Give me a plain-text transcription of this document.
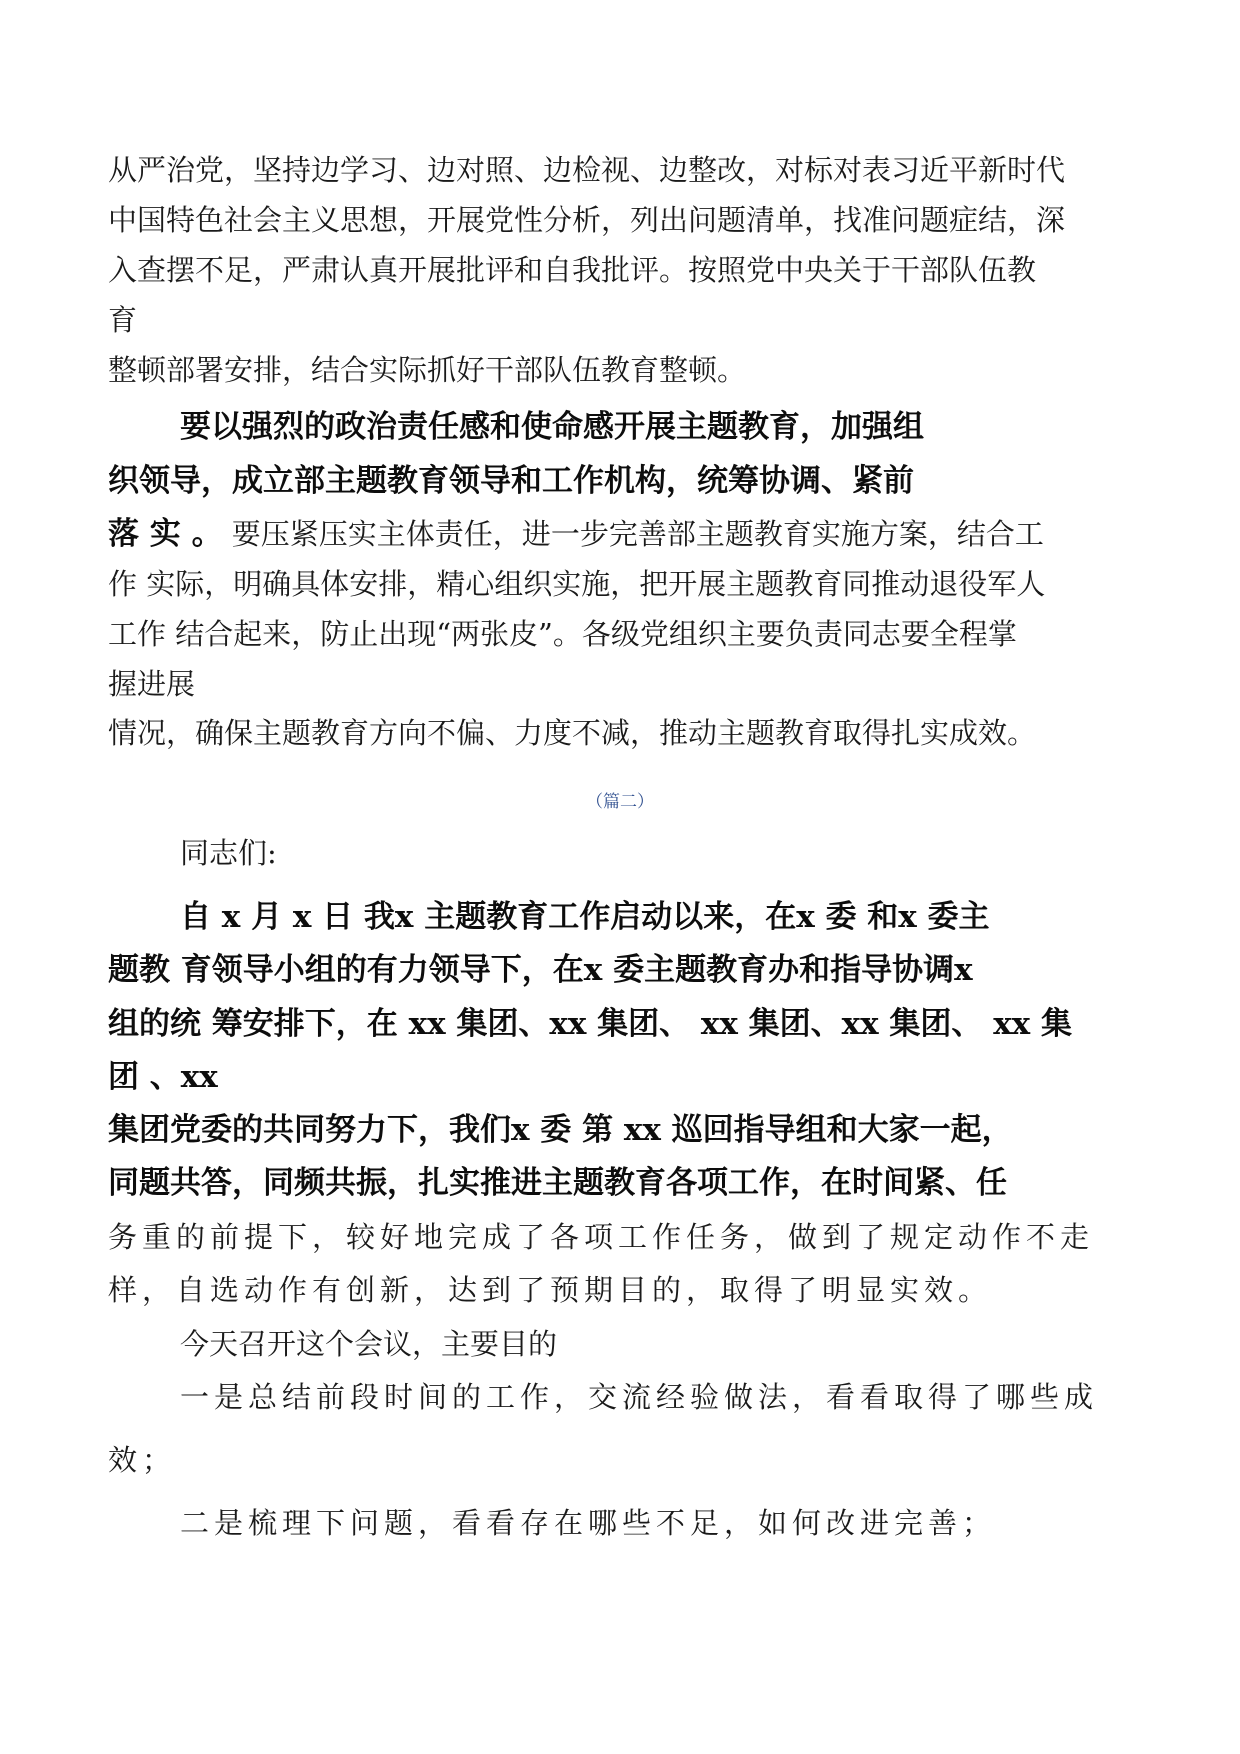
从严治党，坚持边学习、边对照、边检视、边整改，对标对表习近平新时代

中国特色社会主义思想，开展党性分析，列出问题清单，找准问题症结，深

入查摆不足，严肃认真开展批评和自我批评。按照党中央关于干部队伍教

育

整顿部署安排，结合实际抓好干部队伍教育整顿。

要以强烈的政治责任感和使命感开展主题教育，加强组

织领导，成立部主题教育领导和工作机构，统筹协调、紧前

落 实 。 要压紧压实主体责任，进一步完善部主题教育实施方案，结合工

作 实际，明确具体安排，精心组织实施，把开展主题教育同推动退役军人

工作 结合起来，防止出现“两张皮”。各级党组织主要负责同志要全程掌

握进展

情况，确保主题教育方向不偏、力度不减，推动主题教育取得扎实成效。

（篇二）

同志们:

自 x 月 x 日 我x 主题教育工作启动以来，在x 委 和x 委主

题教 育领导小组的有力领导下，在x 委主题教育办和指导协调x

组的统 筹安排下，在 xx 集团、xx 集团、 xx 集团、xx 集团、 xx 集

团 、xx

集团党委的共同努力下，我们x 委 第 xx 巡回指导组和大家一起，

同题共答，同频共振，扎实推进主题教育各项工作，在时间紧、任

务重的前提下，较好地完成了各项工作任务，做到了规定动作不走

样，自选动作有创新，达到了预期目的，取得了明显实效。

今天召开这个会议，主要目的

一是总结前段时间的工作，交流经验做法，看看取得了哪些成

效；

二是梳理下问题，看看存在哪些不足，如何改进完善；
